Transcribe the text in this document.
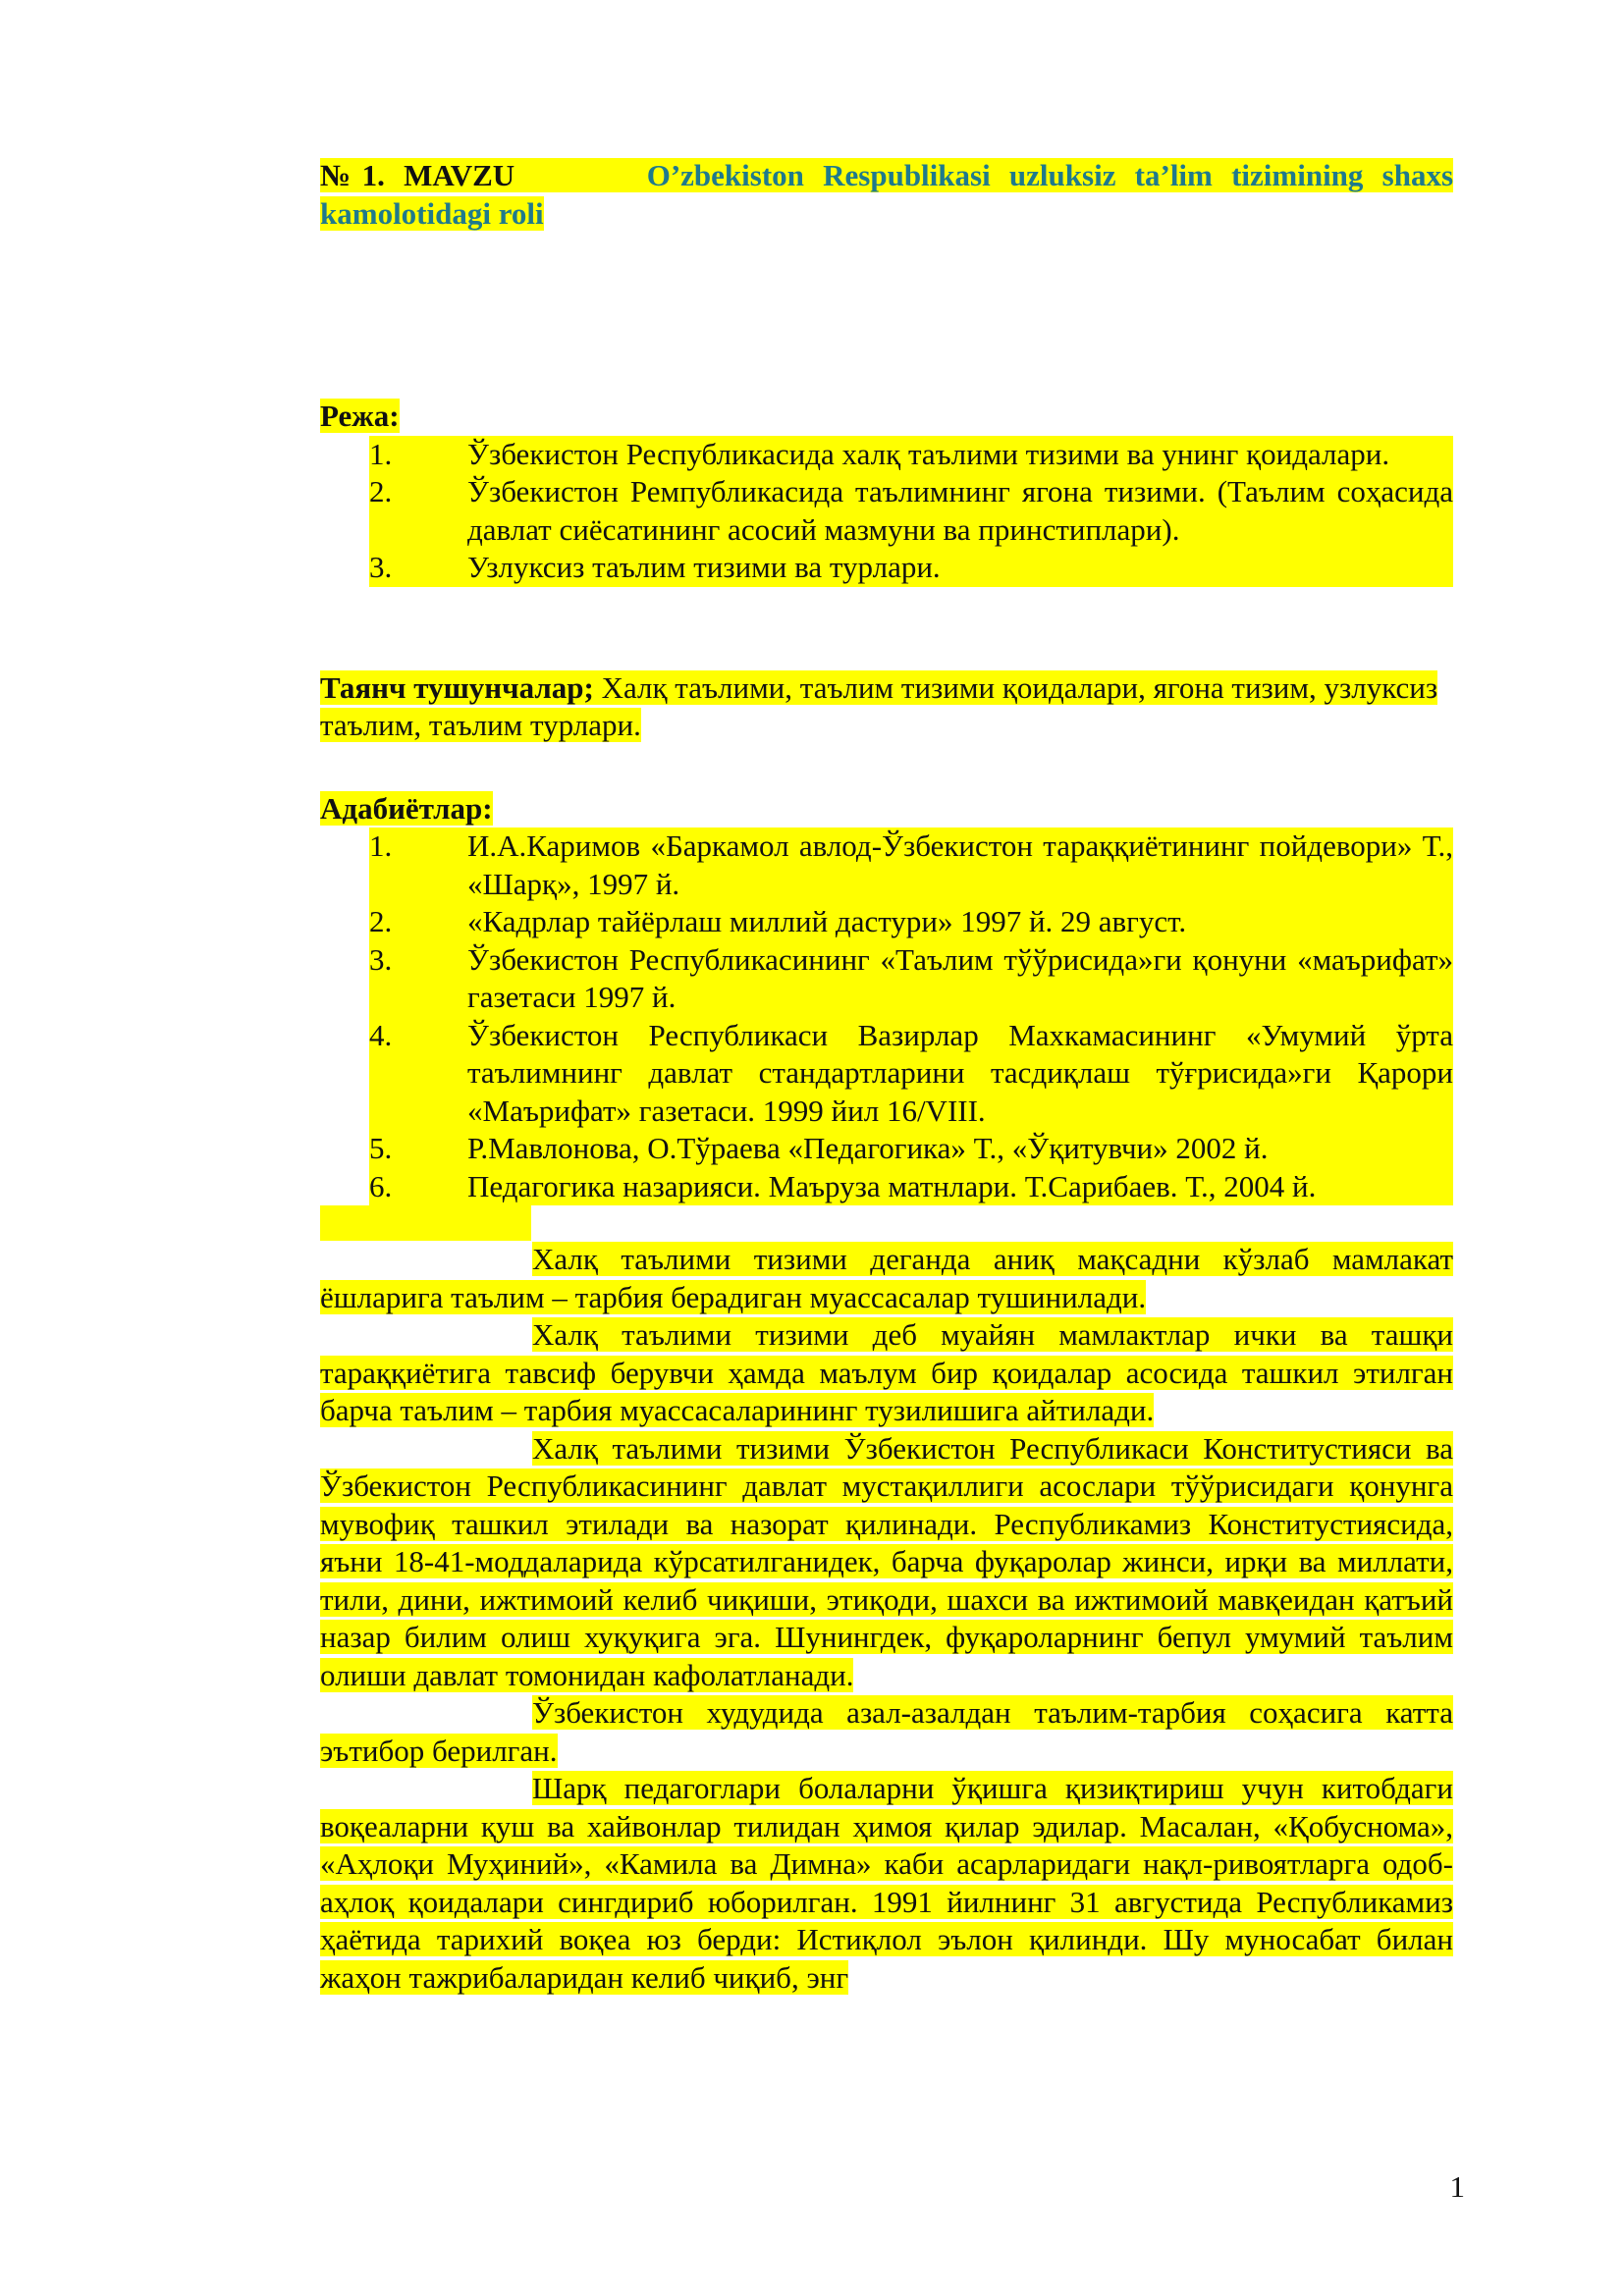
№1. MAVZU	O’zbekiston Respublikasi uzluksiz ta’lim tizimining shaxs kamolotidagi roli
Режа:
1.	Ўзбекистон Республикасида халқ таълими тизими ва унинг қоидалари.
2.	Ўзбекистон Ремпубликасида таълимнинг ягона тизими. (Таълим соҳасида давлат сиёсатининг асосий мазмуни ва принстиплари).
3.	Узлуксиз таълим тизими ва турлари.
Таянч тушунчалар; Халқ таълими, таълим тизими қоидалари, ягона тизим, узлуксиз таълим, таълим турлари.
Адабиётлар:
1.	И.А.Каримов «Баркамол авлод-Ўзбекистон тараққиётининг пойдевори» Т., «Шарқ», 1997 й.
2.	«Кадрлар тайёрлаш миллий дастури» 1997 й. 29 август.
3.	Ўзбекистон Республикасининг «Таълим тўўрисида»ги қонуни «маърифат» газетаси 1997 й.
4.	Ўзбекистон Республикаси Вазирлар Махкамасининг «Умумий ўрта таълимнинг давлат стандартларини тасдиқлаш тўғрисида»ги Қарори «Маърифат» газетаси. 1999 йил 16/VIII.
5.	Р.Мавлонова, О.Тўраева «Педагогика» Т., «Ўқитувчи» 2002 й.
6.	Педагогика назарияси. Маъруза матнлари. Т.Сарибаев. Т., 2004 й.

Халқ таълими тизими деганда аниқ мақсадни кўзлаб мамлакат ёшларига таълим – тарбия берадиган муассасалар тушинилади.

Халқ таълими тизими деб муайян мамлактлар ички ва ташқи тараққиётига тавсиф берувчи ҳамда маълум бир қоидалар асосида ташкил этилган барча таълим – тарбия муассасаларининг тузилишига айтилади.

Халқ таълими тизими Ўзбекистон Республикаси Конститустияси ва Ўзбекистон Республикасининг давлат мустақиллиги асослари тўўрисидаги қонунга мувофиқ ташкил этилади ва назорат қилинади. Республикамиз Конститустиясида, яъни 18-41-моддаларида кўрсатилганидек, барча фуқаролар жинси, ирқи ва миллати, тили, дини, ижтимоий келиб чиқиши, этиқоди, шахси ва ижтимоий мавқеидан қатъий назар билим олиш хуқуқига эга. Шунингдек, фуқароларнинг бепул умумий таълим олиши давлат томонидан кафолатланади.

Ўзбекистон худудида азал-азалдан таълим-тарбия соҳасига катта эътибор берилган.

Шарқ педагоглари болаларни ўқишга қизиқтириш учун китобдаги воқеаларни қуш ва хайвонлар тилидан ҳимоя қилар эдилар. Масалан, «Қобуснома», «Аҳлоқи Муҳиний», «Камила ва Димна» каби асарларидаги нақл-ривоятларга одоб-аҳлоқ қоидалари сингдириб юборилган. 1991 йилнинг 31 августида Республикамиз ҳаётида тарихий воқеа юз берди: Истиқлол эълон қилинди. Шу муносабат билан жаҳон тажрибаларидан келиб чиқиб, энг

1
